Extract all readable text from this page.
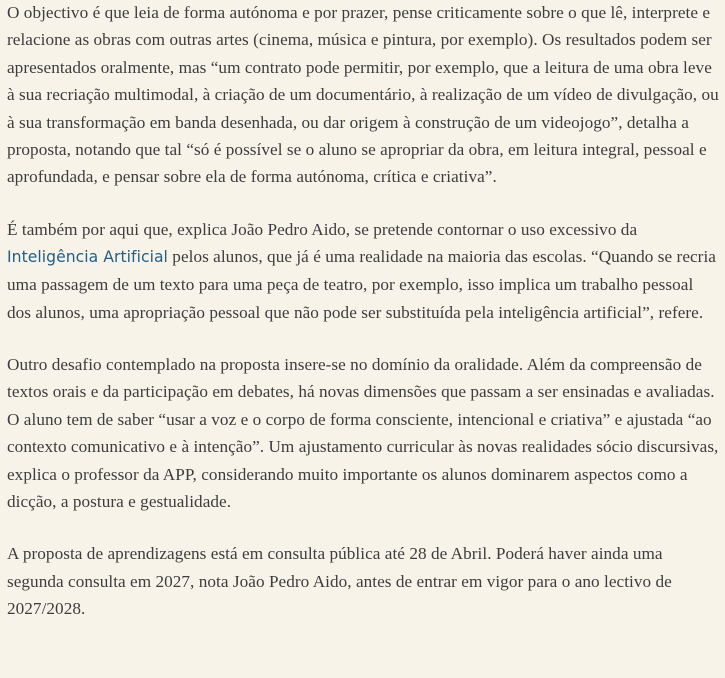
O objectivo é que leia de forma autónoma e por prazer, pense criticamente sobre o que lê, interprete e relacione as obras com outras artes (cinema, música e pintura, por exemplo). Os resultados podem ser apresentados oralmente, mas “um contrato pode permitir, por exemplo, que a leitura de uma obra leve à sua recriação multimodal, à criação de um documentário, à realização de um vídeo de divulgação, ou à sua transformação em banda desenhada, ou dar origem à construção de um videojogo”, detalha a proposta, notando que tal “só é possível se o aluno se apropriar da obra, em leitura integral, pessoal e aprofundada, e pensar sobre ela de forma autónoma, crítica e criativa”.

É também por aqui que, explica João Pedro Aido, se pretende contornar o uso excessivo da Inteligência Artificial pelos alunos, que já é uma realidade na maioria das escolas. “Quando se recria uma passagem de um texto para uma peça de teatro, por exemplo, isso implica um trabalho pessoal dos alunos, uma apropriação pessoal que não pode ser substituída pela inteligência artificial”, refere.

Outro desafio contemplado na proposta insere-se no domínio da oralidade. Além da compreensão de textos orais e da participação em debates, há novas dimensões que passam a ser ensinadas e avaliadas. O aluno tem de saber “usar a voz e o corpo de forma consciente, intencional e criativa” e ajustada “ao contexto comunicativo e à intenção”. Um ajustamento curricular às novas realidades sócio discursivas, explica o professor da APP, considerando muito importante os alunos dominarem aspectos como a dicção, a postura e gestualidade.

A proposta de aprendizagens está em consulta pública até 28 de Abril. Poderá haver ainda uma segunda consulta em 2027, nota João Pedro Aido, antes de entrar em vigor para o ano lectivo de 2027/2028.
